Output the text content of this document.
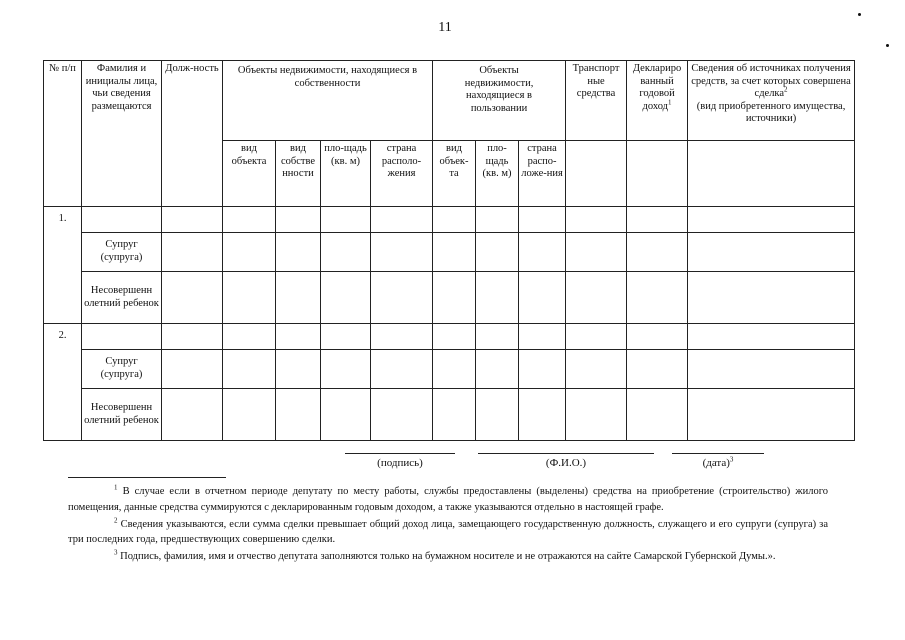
11
№ п/п	Фамилия и инициалы лица, чьи сведения размещаются	Долж-ность	Объекты недвижимости, находящиеся в собственности				Объекты недвижимости, находящиеся в пользовании			Транспорт ные средства	Деклариро ванный годовой доход$^1$	Сведения об источниках получения средств, за счет которых совершена сделка$^2$
(вид приобретенного имущества, источники)
			вид объекта	вид собстве нности	пло-щадь (кв. м)	страна располо-жения	вид объек-та	пло-щадь (кв. м)	страна распо-ложе-ния			
1.												
	Супруг (супруга)											
	Несовершенн олетний ребенок											
2.												
	Супруг (супруга)											
	Несовершенн олетний ребенок											
(подпись)	(Ф.И.О.)	(дата)$^3$

$^1$ В случае если в отчетном периоде депутату по месту работы, службы предоставлены (выделены) средства на приобретение (строительство) жилого помещения, данные средства суммируются с декларированным годовым доходом, а также указываются отдельно в настоящей графе.

$^2$ Сведения указываются, если сумма сделки превышает общий доход лица, замещающего государственную должность, служащего и его супруги (супруга) за три последних года, предшествующих совершению сделки.

$^3$ Подпись, фамилия, имя и отчество депутата заполняются только на бумажном носителе и не отражаются на сайте Самарской Губернской Думы.».
